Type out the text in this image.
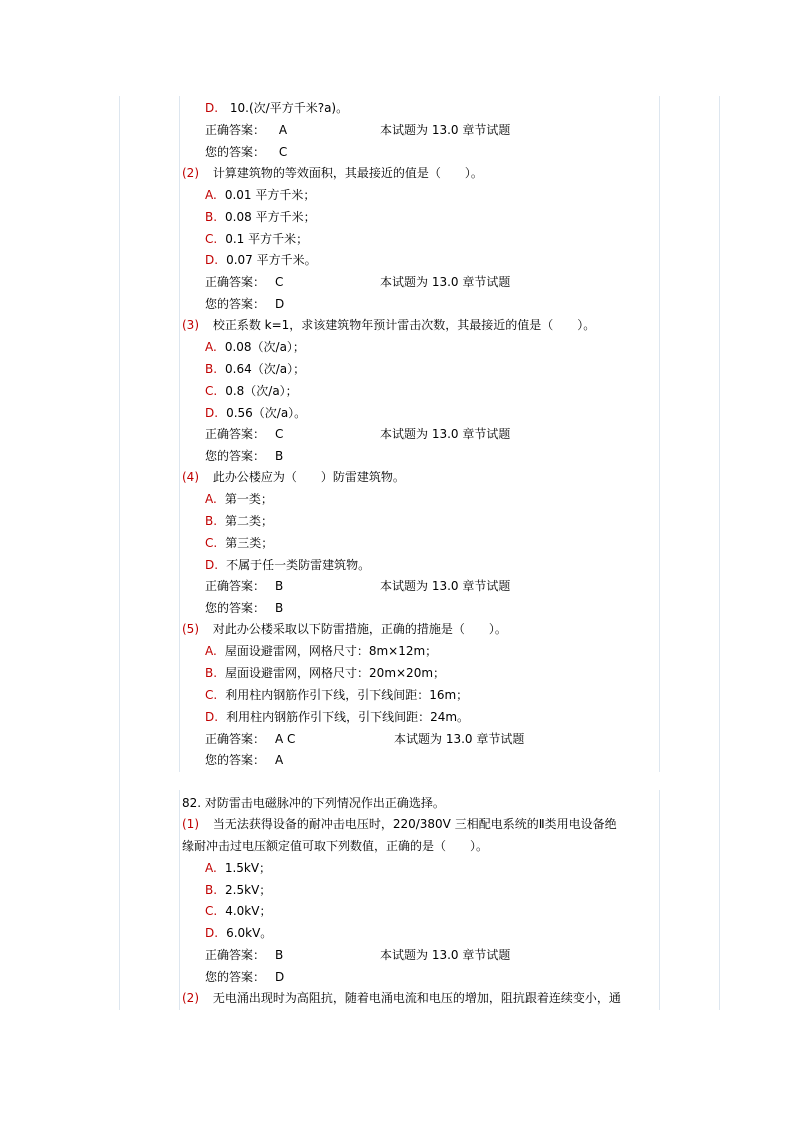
D. 10.(次/平方千米?a)。
正确答案： A	本试题为 13.0 章节试题
您的答案： C
(2) 计算建筑物的等效面积，其最接近的值是（　　）。
A. 0.01 平方千米；
B. 0.08 平方千米；
C. 0.1 平方千米；
D. 0.07 平方千米。
正确答案： C	本试题为 13.0 章节试题
您的答案： D
(3) 校正系数 k=1，求该建筑物年预计雷击次数，其最接近的值是（　　）。
A. 0.08（次/a）；
B. 0.64（次/a）；
C. 0.8（次/a）；
D. 0.56（次/a）。
正确答案： C	本试题为 13.0 章节试题
您的答案： B
(4) 此办公楼应为（　　）防雷建筑物。
A. 第一类；
B. 第二类；
C. 第三类；
D. 不属于任一类防雷建筑物。
正确答案： B	本试题为 13.0 章节试题
您的答案： B
(5) 对此办公楼采取以下防雷措施，正确的措施是（　　）。
A. 屋面设避雷网，网格尺寸：8m×12m；
B. 屋面设避雷网，网格尺寸：20m×20m；
C. 利用柱内钢筋作引下线，引下线间距：16m；
D. 利用柱内钢筋作引下线，引下线间距：24m。
正确答案： A C	本试题为 13.0 章节试题
您的答案： A
82. 对防雷击电磁脉冲的下列情况作出正确选择。
(1) 当无法获得设备的耐冲击电压时，220/380V 三相配电系统的Ⅱ类用电设备绝
缘耐冲击过电压额定值可取下列数值，正确的是（　　）。
A. 1.5kV；
B. 2.5kV；
C. 4.0kV；
D. 6.0kV。
正确答案： B	本试题为 13.0 章节试题
您的答案： D
(2) 无电涌出现时为高阻抗，随着电涌电流和电压的增加，阻抗跟着连续变小，通
